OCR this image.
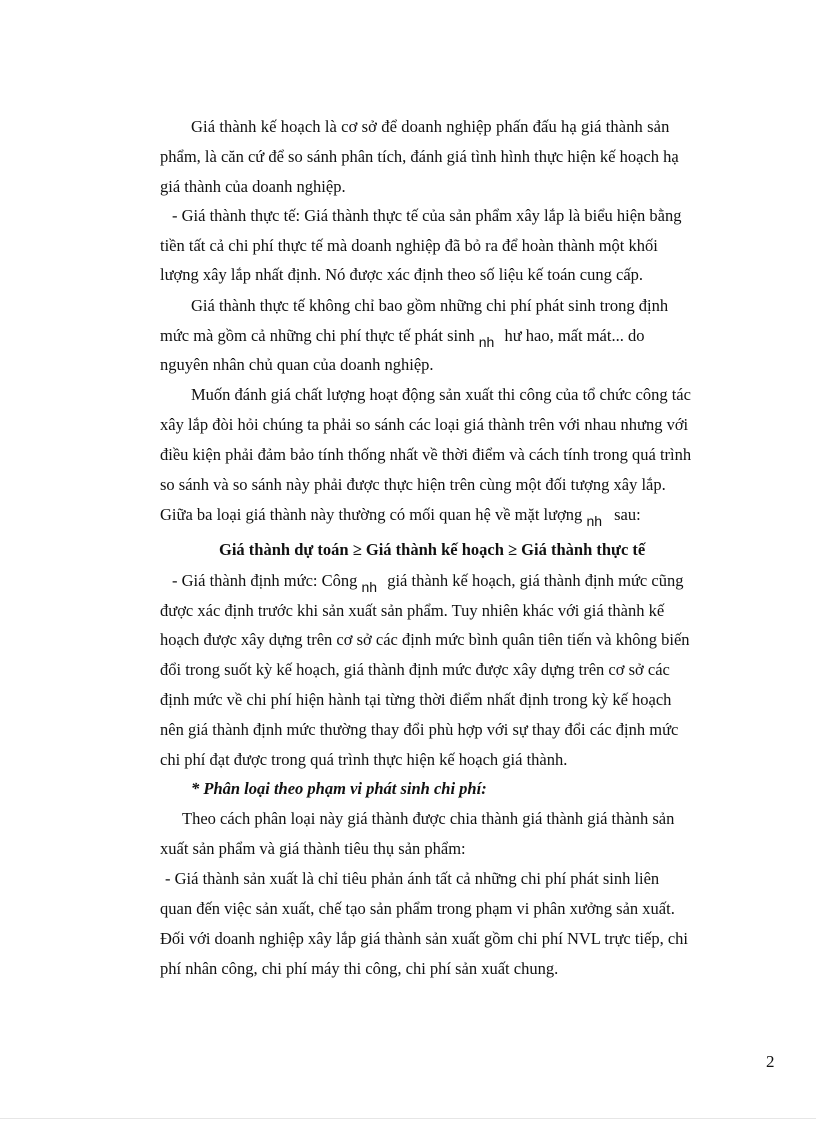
Giá thành kế hoạch là cơ sở để doanh nghiệp phấn đấu hạ giá thành sản
phẩm, là căn cứ để so sánh phân tích, đánh giá tình hình thực hiện kế hoạch hạ
giá thành của doanh nghiệp.
- Giá thành thực tế: Giá thành thực tế của sản phẩm xây lắp là biểu hiện bằng
tiền tất cả chi phí thực tế mà doanh nghiệp đã bỏ ra để hoàn thành một khối
lượng xây lắp nhất định. Nó được xác định theo số liệu kế toán cung cấp.
Giá thành thực tế không chỉ bao gồm những chi phí phát sinh trong định
mức mà gồm cả những chi phí thực tế phát sinh $_{nh}$ hư hao, mất mát... do
nguyên nhân chủ quan của doanh nghiệp.
Muốn đánh giá chất lượng hoạt động sản xuất thi công của tổ chức công tác
xây lắp đòi hỏi chúng ta phải so sánh các loại giá thành trên với nhau nhưng với
điều kiện phải đảm bảo tính thống nhất về thời điểm và cách tính trong quá trình
so sánh và so sánh này phải được thực hiện trên cùng một đối tượng xây lắp.
Giữa ba loại giá thành này thường có mối quan hệ về mặt lượng $_{nh}$ sau:
Giá thành dự toán ≥ Giá thành kế hoạch ≥ Giá thành thực tế
- Giá thành định mức: Công $_{nh}$ giá thành kế hoạch, giá thành định mức cũng
được xác định trước khi sản xuất sản phẩm. Tuy nhiên khác với giá thành kế
hoạch được xây dựng trên cơ sở các định mức bình quân tiên tiến và không biến
đổi trong suốt kỳ kế hoạch, giá thành định mức được xây dựng trên cơ sở các
định mức về chi phí hiện hành tại từng thời điểm nhất định trong kỳ kế hoạch
nên giá thành định mức thường thay đổi phù hợp với sự thay đổi các định mức
chi phí đạt được trong quá trình thực hiện kế hoạch giá thành.
* Phân loại theo phạm vi phát sinh chi phí:
Theo cách phân loại này giá thành được chia thành giá thành giá thành sản
xuất sản phẩm và giá thành tiêu thụ sản phẩm:
- Giá thành sản xuất là chỉ tiêu phản ánh tất cả những chi phí phát sinh liên
quan đến việc sản xuất, chế tạo sản phẩm trong phạm vi phân xưởng sản xuất.
Đối với doanh nghiệp xây lắp giá thành sản xuất gồm chi phí NVL trực tiếp, chi
phí nhân công, chi phí máy thi công, chi phí sản xuất chung.
2
